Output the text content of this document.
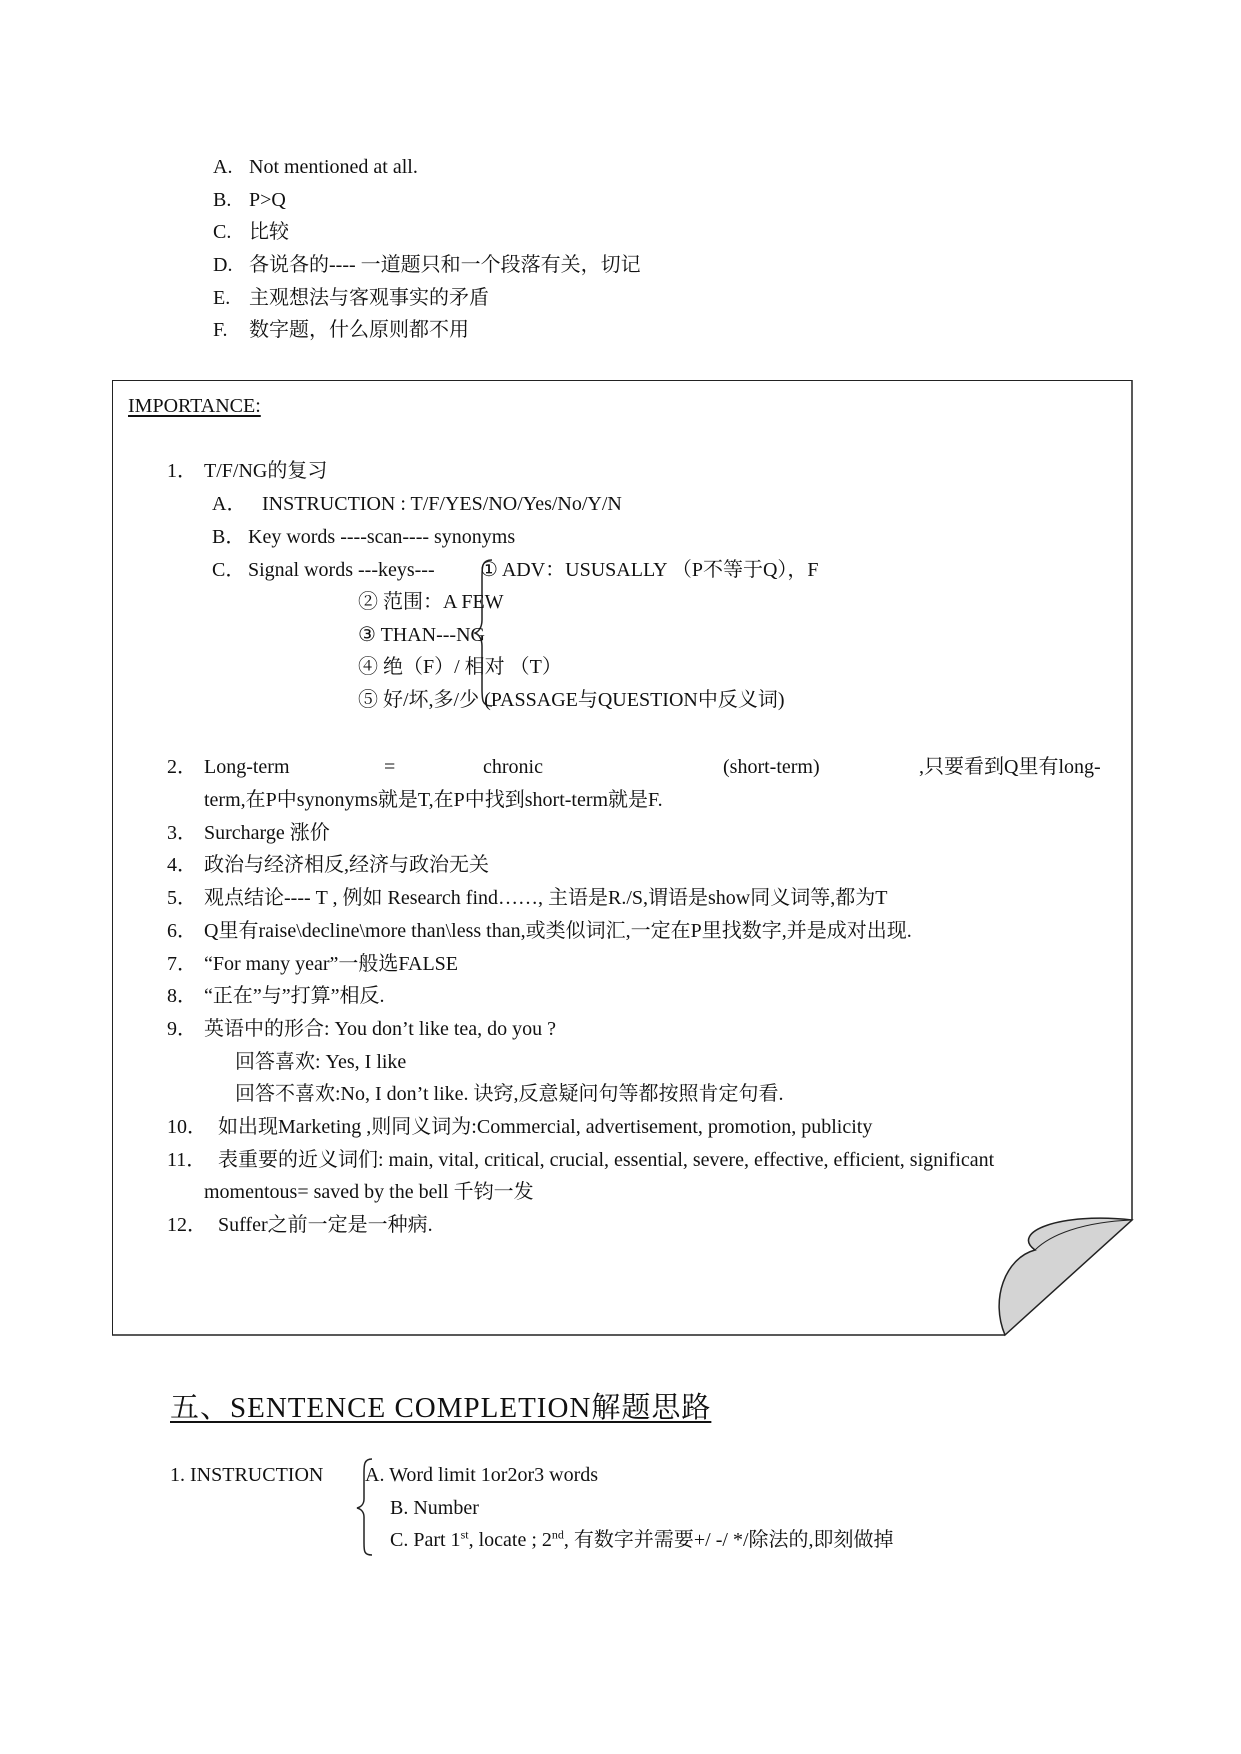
A. Not mentioned at all.
B. P>Q
C. 比较
D. 各说各的---- 一道题只和一个段落有关，切记
E. 主观想法与客观事实的矛盾
F. 数字题，什么原则都不用
IMPORTANCE:
1． T/F/NG的复习
A． INSTRUCTION : T/F/YES/NO/Yes/No/Y/N
B． Key words ----scan---- synonyms
C． Signal words ---keys--- ① ADV：USUSALLY （P不等于Q），F
② 范围：A FEW
③ THAN---NG
④ 绝（F）/ 相对 （T）
⑤ 好/坏,多/少 (PASSAGE与QUESTION中反义词)
2． Long-term	=	chronic	(short-term)	,只要看到Q里有long-
term,在P中synonyms就是T,在P中找到short-term就是F.
3． Surcharge 涨价
4． 政治与经济相反,经济与政治无关
5． 观点结论---- T , 例如 Research find……, 主语是R./S,谓语是show同义词等,都为T
6． Q里有raise\decline\more than\less than,或类似词汇,一定在P里找数字,并是成对出现.
7． “For many year”一般选FALSE
8． “正在”与”打算”相反.
9． 英语中的形合: You don’t like tea, do you ?
回答喜欢: Yes, I like
回答不喜欢:No, I don’t like. 诀窍,反意疑问句等都按照肯定句看.
10． 如出现Marketing ,则同义词为:Commercial, advertisement, promotion, publicity
11． 表重要的近义词们: main, vital, critical, crucial, essential, severe, effective, efficient, significant
momentous= saved by the bell 千钧一发
12． Suffer之前一定是一种病.
五、SENTENCE COMPLETION解题思路
1. INSTRUCTION A. Word limit 1or2or3 words
B. Number
C. Part 1st, locate ; 2nd, 有数字并需要+/ -/ */除法的,即刻做掉
